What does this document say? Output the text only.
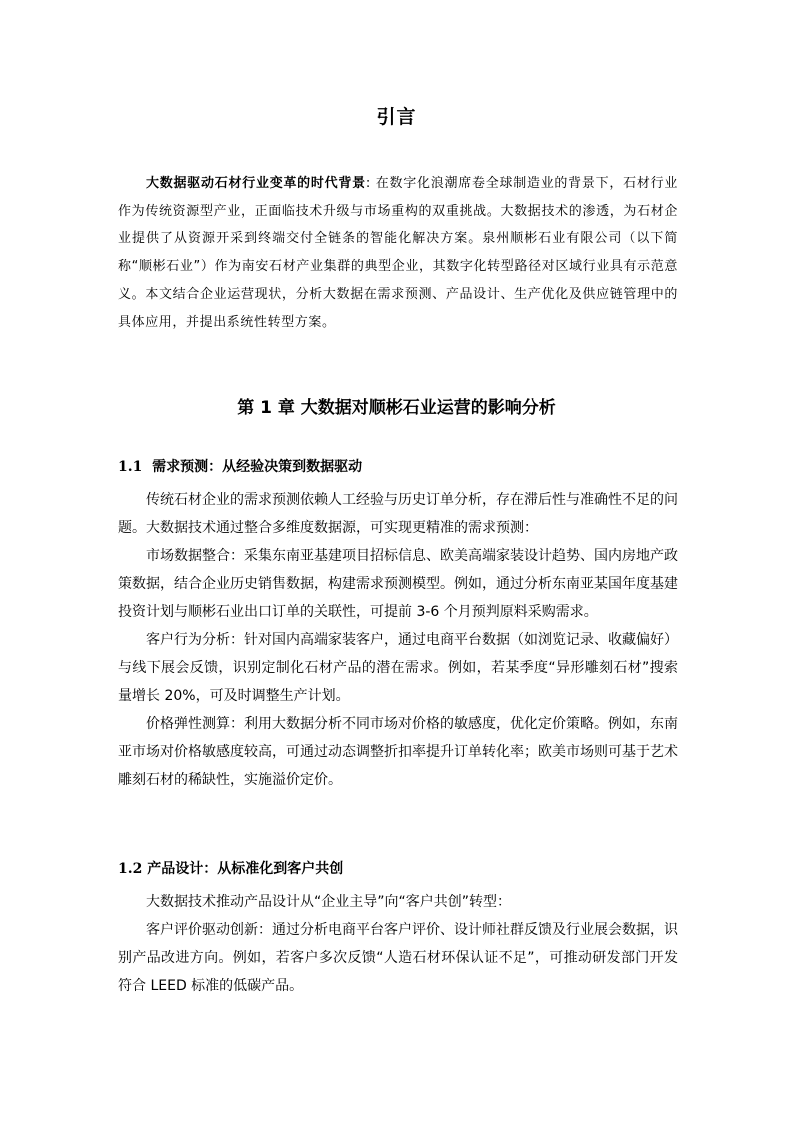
引言
大数据驱动石材行业变革的时代背景: 在数字化浪潮席卷全球制造业的背景下，石材行业作为传统资源型产业，正面临技术升级与市场重构的双重挑战。大数据技术的渗透，为石材企业提供了从资源开采到终端交付全链条的智能化解决方案。泉州顺彬石业有限公司（以下简称“顺彬石业”）作为南安石材产业集群的典型企业，其数字化转型路径对区域行业具有示范意义。本文结合企业运营现状，分析大数据在需求预测、产品设计、生产优化及供应链管理中的具体应用，并提出系统性转型方案。
第 1 章 大数据对顺彬石业运营的影响分析
1.1 需求预测：从经验决策到数据驱动

传统石材企业的需求预测依赖人工经验与历史订单分析，存在滞后性与准确性不足的问题。大数据技术通过整合多维度数据源，可实现更精准的需求预测：

市场数据整合：采集东南亚基建项目招标信息、欧美高端家装设计趋势、国内房地产政策数据，结合企业历史销售数据，构建需求预测模型。例如，通过分析东南亚某国年度基建投资计划与顺彬石业出口订单的关联性，可提前 3-6 个月预判原料采购需求。

客户行为分析：针对国内高端家装客户，通过电商平台数据（如浏览记录、收藏偏好）与线下展会反馈，识别定制化石材产品的潜在需求。例如，若某季度“异形雕刻石材”搜索量增长 20%，可及时调整生产计划。

价格弹性测算：利用大数据分析不同市场对价格的敏感度，优化定价策略。例如，东南亚市场对价格敏感度较高，可通过动态调整折扣率提升订单转化率；欧美市场则可基于艺术雕刻石材的稀缺性，实施溢价定价。

1.2 产品设计：从标准化到客户共创

大数据技术推动产品设计从“企业主导”向“客户共创”转型：

客户评价驱动创新：通过分析电商平台客户评价、设计师社群反馈及行业展会数据，识别产品改进方向。例如，若客户多次反馈“人造石材环保认证不足”，可推动研发部门开发符合 LEED 标准的低碳产品。
